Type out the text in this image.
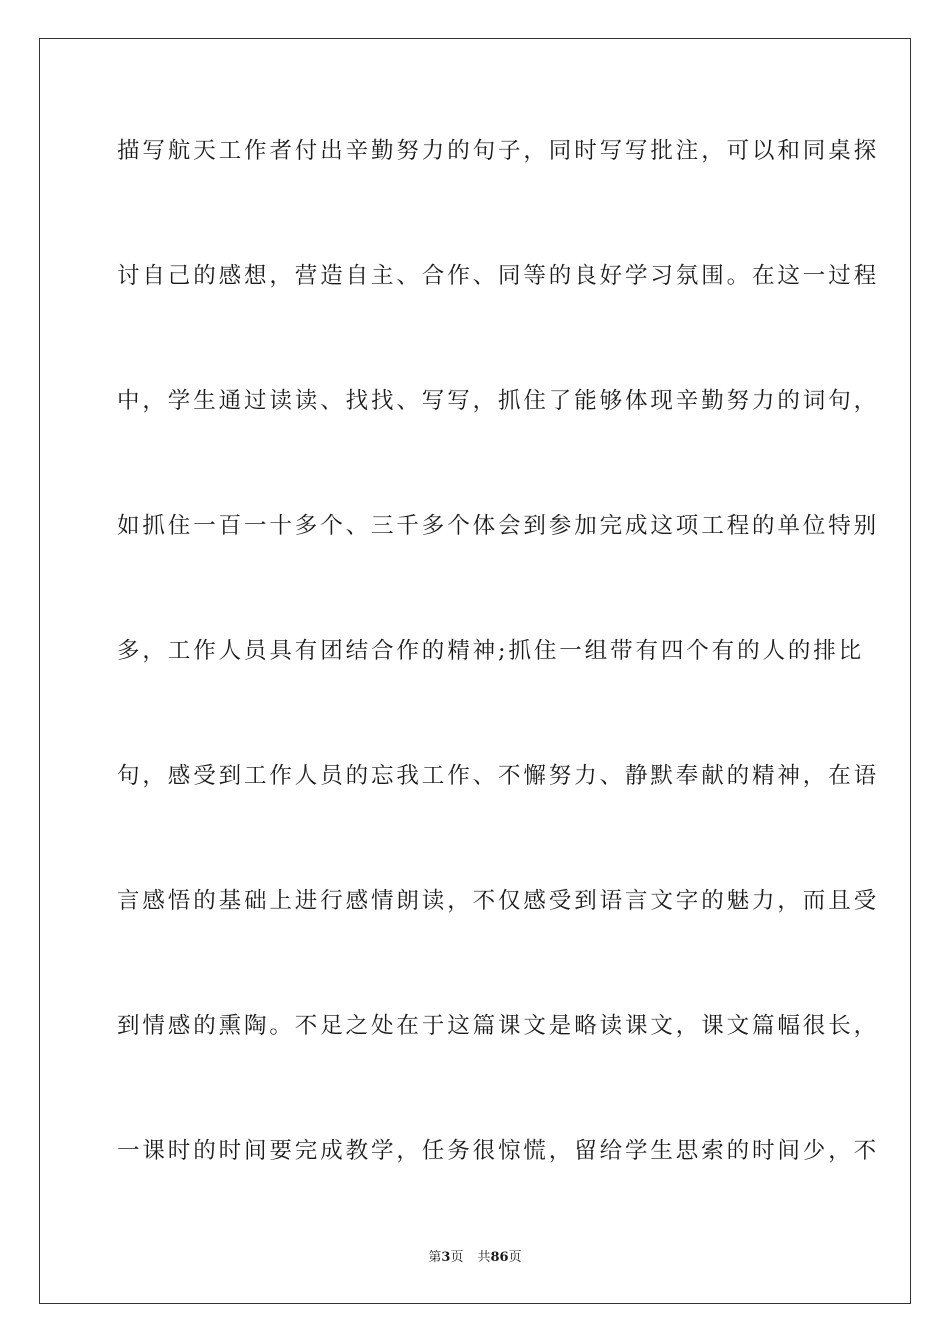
描写航天工作者付出辛勤努力的句子，同时写写批注，可以和同桌探
讨自己的感想，营造自主、合作、同等的良好学习氛围。在这一过程
中，学生通过读读、找找、写写，抓住了能够体现辛勤努力的词句，
如抓住一百一十多个、三千多个体会到参加完成这项工程的单位特别
多，工作人员具有团结合作的精神;抓住一组带有四个有的人的排比
句，感受到工作人员的忘我工作、不懈努力、静默奉献的精神，在语
言感悟的基础上进行感情朗读，不仅感受到语言文字的魅力，而且受
到情感的熏陶。不足之处在于这篇课文是略读课文，课文篇幅很长，
一课时的时间要完成教学，任务很惊慌，留给学生思索的时间少，不
第3页 共86页
